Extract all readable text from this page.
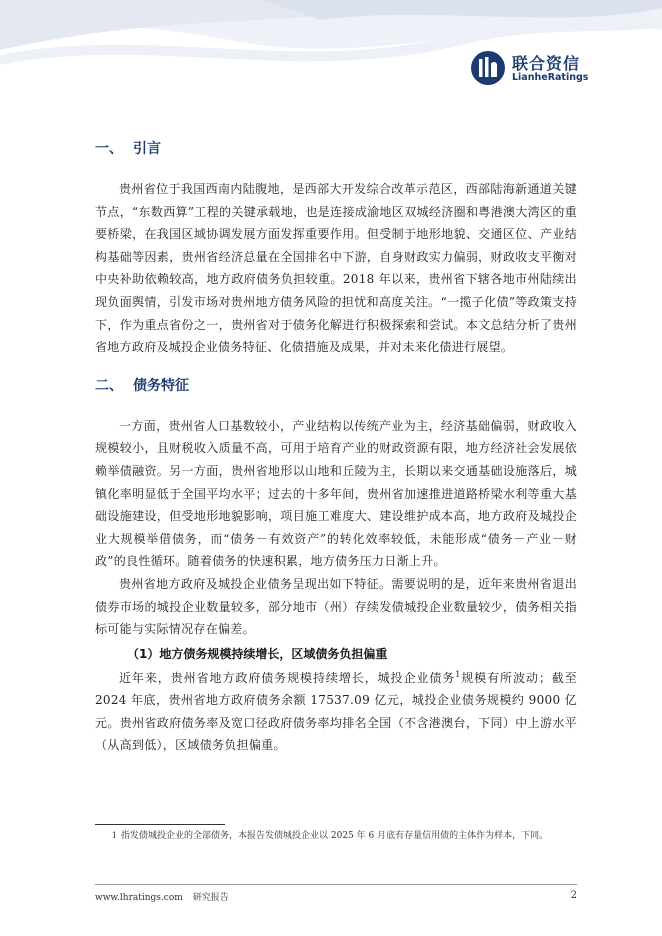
联合资信
LianheRatings
一、 引言

贵州省位于我国西南内陆腹地，是西部大开发综合改革示范区，西部陆海新通道关键节点，“东数西算”工程的关键承载地，也是连接成渝地区双城经济圈和粤港澳大湾区的重要桥梁，在我国区域协调发展方面发挥重要作用。但受制于地形地貌、交通区位、产业结构基础等因素，贵州省经济总量在全国排名中下游，自身财政实力偏弱，财政收支平衡对中央补助依赖较高，地方政府债务负担较重。2018 年以来，贵州省下辖各地市州陆续出现负面舆情，引发市场对贵州地方债务风险的担忧和高度关注。“一揽子化债”等政策支持下，作为重点省份之一，贵州省对于债务化解进行积极探索和尝试。本文总结分析了贵州省地方政府及城投企业债务特征、化债措施及成果，并对未来化债进行展望。

二、 债务特征

一方面，贵州省人口基数较小，产业结构以传统产业为主，经济基础偏弱，财政收入规模较小，且财税收入质量不高，可用于培育产业的财政资源有限，地方经济社会发展依赖举债融资。另一方面，贵州省地形以山地和丘陵为主，长期以来交通基础设施落后，城镇化率明显低于全国平均水平；过去的十多年间，贵州省加速推进道路桥梁水利等重大基础设施建设，但受地形地貌影响，项目施工难度大、建设维护成本高，地方政府及城投企业大规模举借债务，而“债务－有效资产”的转化效率较低，未能形成“债务－产业－财政”的良性循环。随着债务的快速积累，地方债务压力日渐上升。

贵州省地方政府及城投企业债务呈现出如下特征。需要说明的是，近年来贵州省退出债券市场的城投企业数量较多，部分地市（州）存续发债城投企业数量较少，债务相关指标可能与实际情况存在偏差。

（1）地方债务规模持续增长，区域债务负担偏重

近年来，贵州省地方政府债务规模持续增长，城投企业债务$^1$规模有所波动；截至 2024 年底，贵州省地方政府债务余额 17537.09 亿元，城投企业债务规模约 9000 亿元。贵州省政府债务率及宽口径政府债务率均排名全国（不含港澳台，下同）中上游水平（从高到低），区域债务负担偏重。

1 指发债城投企业的全部债务，本报告发债城投企业以 2025 年 6 月底有存量信用债的主体作为样本，下同。
www.lhratings.com 研究报告	2
